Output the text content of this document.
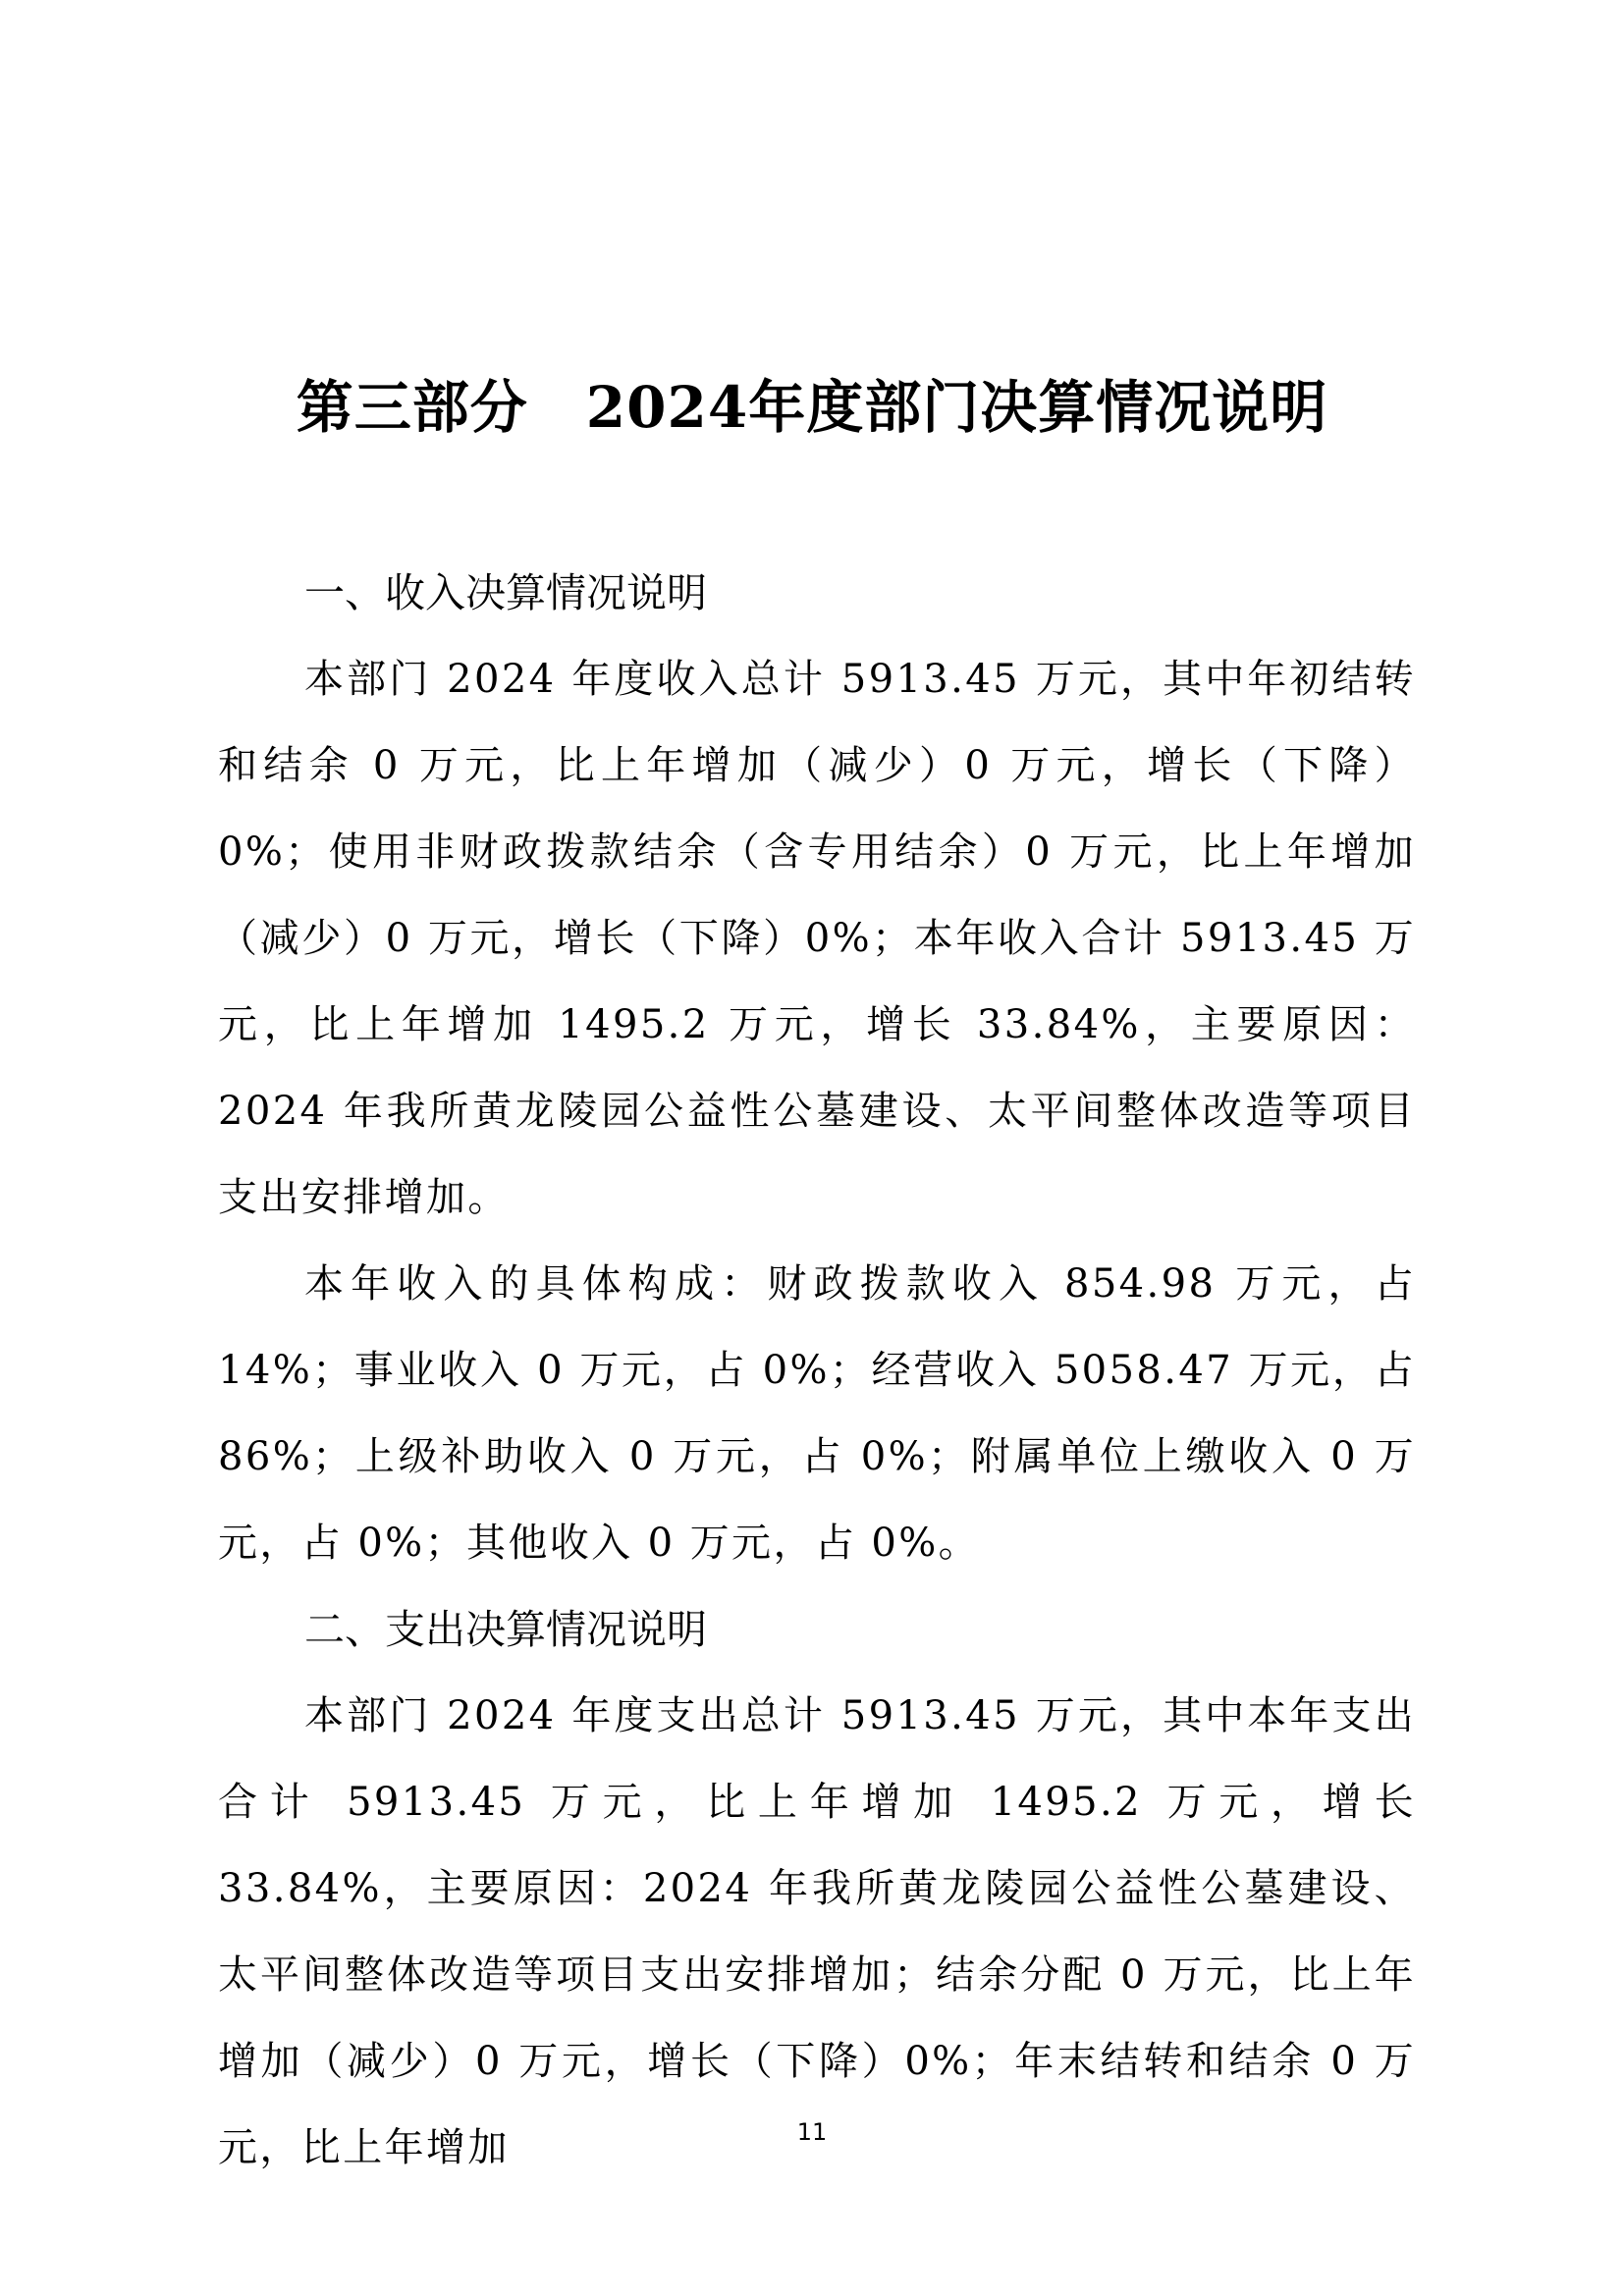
第三部分　2024年度部门决算情况说明
一、收入决算情况说明

本部门 2024 年度收入总计 5913.45 万元，其中年初结转和结余 0 万元，比上年增加（减少）0 万元，增长（下降）0%；使用非财政拨款结余（含专用结余）0 万元，比上年增加（减少）0 万元，增长（下降）0%；本年收入合计 5913.45 万元，比上年增加 1495.2 万元，增长 33.84%，主要原因：2024 年我所黄龙陵园公益性公墓建设、太平间整体改造等项目支出安排增加。

本年收入的具体构成：财政拨款收入 854.98 万元，占 14%；事业收入 0 万元，占 0%；经营收入 5058.47 万元，占 86%；上级补助收入 0 万元，占 0%；附属单位上缴收入 0 万元，占 0%；其他收入 0 万元，占 0%。

二、支出决算情况说明

本部门 2024 年度支出总计 5913.45 万元，其中本年支出合计 5913.45 万元，比上年增加 1495.2 万元，增长 33.84%，主要原因：2024 年我所黄龙陵园公益性公墓建设、太平间整体改造等项目支出安排增加；结余分配 0 万元，比上年增加（减少）0 万元，增长（下降）0%；年末结转和结余 0 万元，比上年增加	11
